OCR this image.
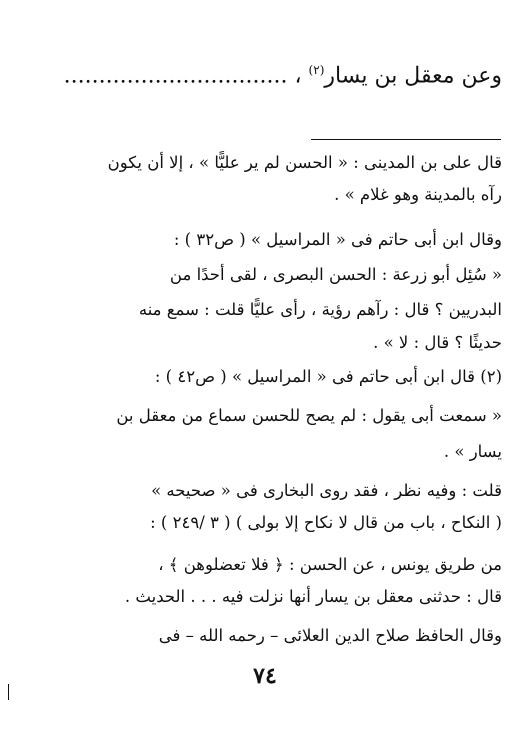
وعن معقل بن يسار$^{(٢)}$ ، ................................
قال على بن المدينى : « الحسن لم ير عليًّا » ، إلا أن يكون
رآه بالمدينة وهو غلام » .
وقال ابن أبى حاتم فى « المراسيل » ( ص٣٢ ) :
« سُئِل أبو زرعة : الحسن البصرى ، لقى أحدًا من
البدريين ؟ قال : رآهم رؤية ، رأى عليًّا قلت : سمع منه
حديثًا ؟ قال : لا » .
(٢) قال ابن أبى حاتم فى « المراسيل » ( ص٤٢ ) :
« سمعت أبى يقول : لم يصح للحسن سماع من معقل بن
يسار » .
قلت : وفيه نظر ، فقد روى البخارى فى « صحيحه »
( النكاح ، باب من قال لا نكاح إلا بولى ) ( ٣ /٢٤٩ ) :
من طريق يونس ، عن الحسن : ﴿ فلا تعضلوهن ﴾ ،
قال : حدثنى معقل بن يسار أنها نزلت فيه . . . الحديث .
وقال الحافظ صلاح الدين العلائى – رحمه الله – فى
٧٤
